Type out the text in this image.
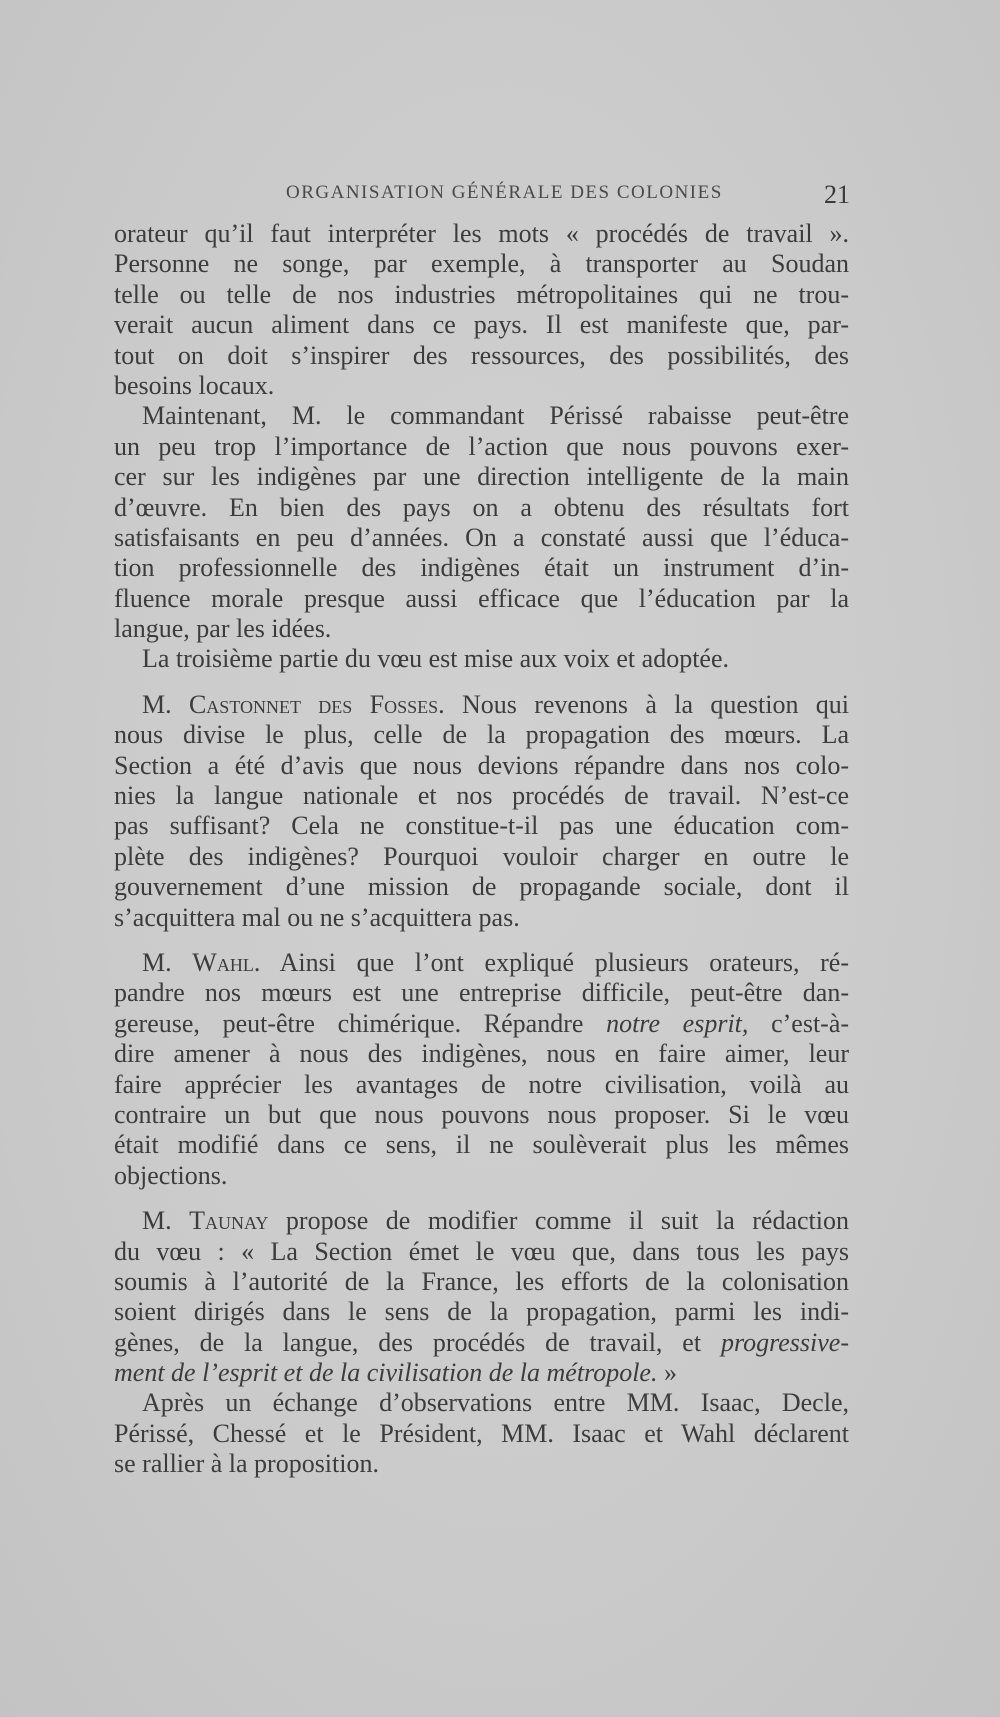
ORGANISATION GÉNÉRALE DES COLONIES	21
orateur qu’il faut interpréter les mots « procédés de travail ».
Personne ne songe, par exemple, à transporter au Soudan
telle ou telle de nos industries métropolitaines qui ne trou-
verait aucun aliment dans ce pays. Il est manifeste que, par-
tout on doit s’inspirer des ressources, des possibilités, des
besoins locaux.
Maintenant, M. le commandant Périssé rabaisse peut-être
un peu trop l’importance de l’action que nous pouvons exer-
cer sur les indigènes par une direction intelligente de la main
d’œuvre. En bien des pays on a obtenu des résultats fort
satisfaisants en peu d’années. On a constaté aussi que l’éduca-
tion professionnelle des indigènes était un instrument d’in-
fluence morale presque aussi efficace que l’éducation par la
langue, par les idées.
La troisième partie du vœu est mise aux voix et adoptée.
M. Castonnet des Fosses. Nous revenons à la question qui
nous divise le plus, celle de la propagation des mœurs. La
Section a été d’avis que nous devions répandre dans nos colo-
nies la langue nationale et nos procédés de travail. N’est-ce
pas suffisant? Cela ne constitue-t-il pas une éducation com-
plète des indigènes? Pourquoi vouloir charger en outre le
gouvernement d’une mission de propagande sociale, dont il
s’acquittera mal ou ne s’acquittera pas.
M. Wahl. Ainsi que l’ont expliqué plusieurs orateurs, ré-
pandre nos mœurs est une entreprise difficile, peut-être dan-
gereuse, peut-être chimérique. Répandre notre esprit, c’est-à-
dire amener à nous des indigènes, nous en faire aimer, leur
faire apprécier les avantages de notre civilisation, voilà au
contraire un but que nous pouvons nous proposer. Si le vœu
était modifié dans ce sens, il ne soulèverait plus les mêmes
objections.
M. Taunay propose de modifier comme il suit la rédaction
du vœu : « La Section émet le vœu que, dans tous les pays
soumis à l’autorité de la France, les efforts de la colonisation
soient dirigés dans le sens de la propagation, parmi les indi-
gènes, de la langue, des procédés de travail, et progressive-
ment de l’esprit et de la civilisation de la métropole. »
Après un échange d’observations entre MM. Isaac, Decle,
Périssé, Chessé et le Président, MM. Isaac et Wahl déclarent
se rallier à la proposition.
